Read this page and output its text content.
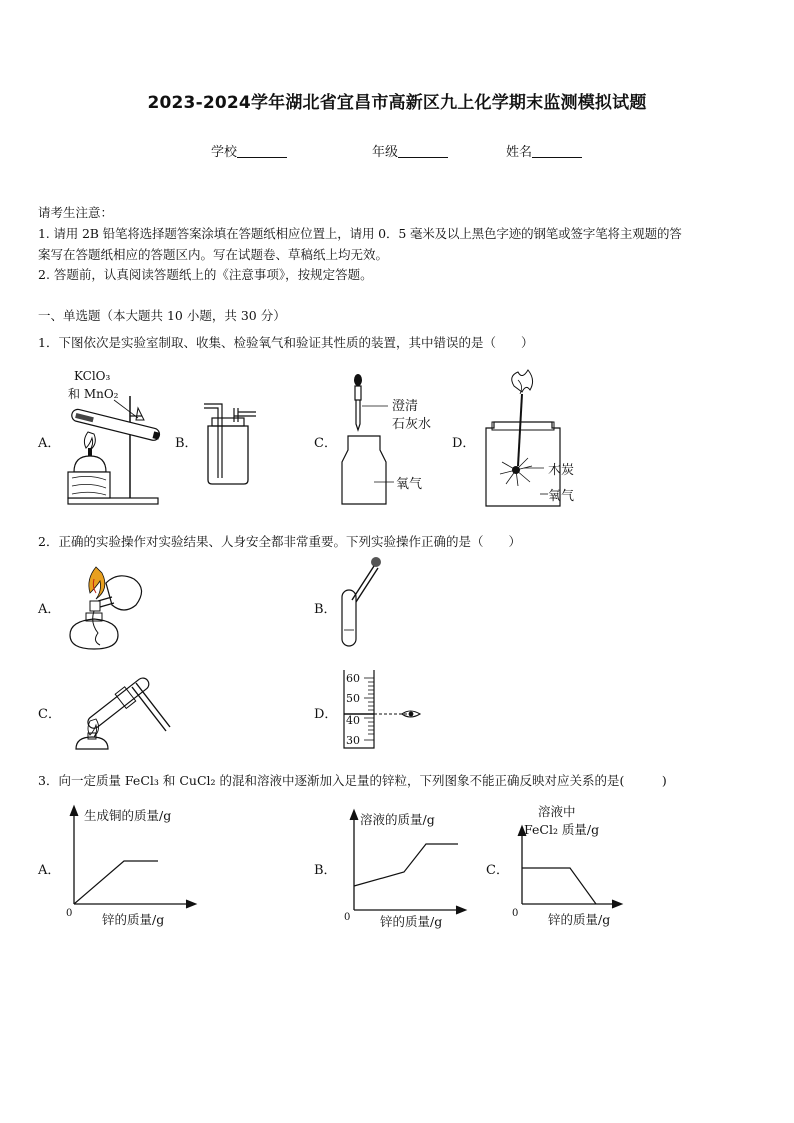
2023-2024学年湖北省宜昌市高新区九上化学期末监测模拟试题
学校	年级	姓名
请考生注意：
1. 请用 2B 铅笔将选择题答案涂填在答题纸相应位置上，请用 0．5 毫米及以上黑色字迹的钢笔或签字笔将主观题的答
案写在答题纸相应的答题区内。写在试题卷、草稿纸上均无效。
2. 答题前，认真阅读答题纸上的《注意事项》，按规定答题。
一、单选题（本大题共 10 小题，共 30 分）
1．下图依次是实验室制取、收集、检验氧气和验证其性质的装置，其中错误的是（　　）
A．	B．	C．	D．
KClO₃
和 MnO₂
澄清
石灰水
氧气
木炭
氧气
2．正确的实验操作对实验结果、人身安全都非常重要。下列实验操作正确的是（　　）
A．	B．
C．	D．
60
50
40
30
3．向一定质量 FeCl₃ 和 CuCl₂ 的混和溶液中逐渐加入足量的锌粒，下列图象不能正确反映对应关系的是(　　　)
A．	B．	C．
生成铜的质量/g
0 锌的质量/g
溶液的质量/g
0 锌的质量/g
溶液中
FeCl₂ 质量/g
0 锌的质量/g
